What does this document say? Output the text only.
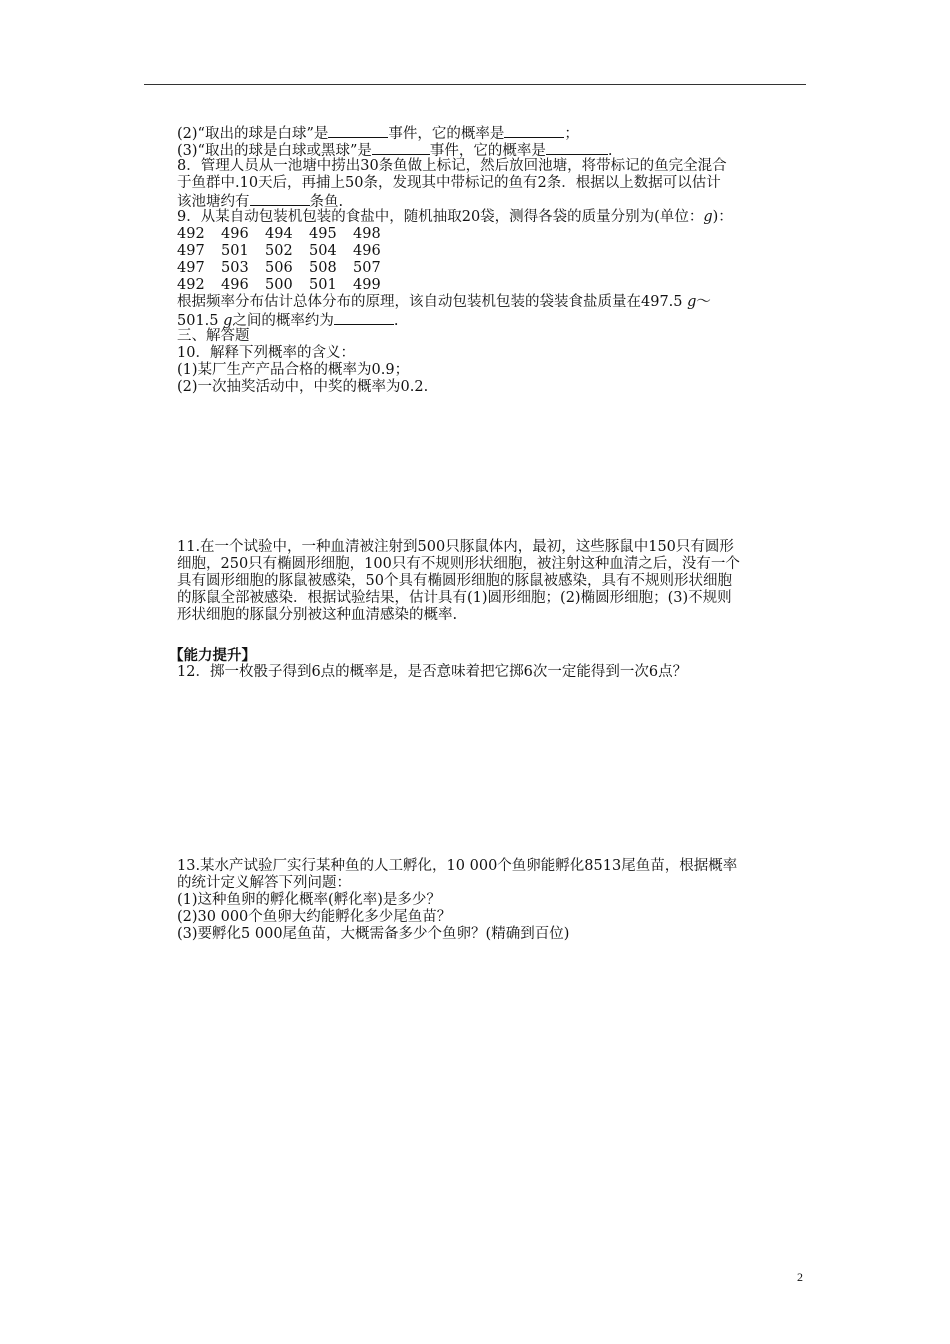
(2)“取出的球是白球”是	事件，它的概率是	；
(3)“取出的球是白球或黑球”是	事件，它的概率是	.
8．管理人员从一池塘中捞出30条鱼做上标记，然后放回池塘，将带标记的鱼完全混合
于鱼群中.10天后，再捕上50条，发现其中带标记的鱼有2条．根据以上数据可以估计
该池塘约有	条鱼.
9．从某自动包装机包装的食盐中，随机抽取20袋，测得各袋的质量分别为(单位：g)：
492	496	494	495	498
497	501	502	504	496
497	503	506	508	507
492	496	500	501	499
根据频率分布估计总体分布的原理，该自动包装机包装的袋装食盐质量在497.5 g～
501.5 g之间的概率约为	.
三、解答题
10．解释下列概率的含义：
(1)某厂生产产品合格的概率为0.9；
(2)一次抽奖活动中，中奖的概率为0.2.
11.在一个试验中，一种血清被注射到500只豚鼠体内，最初，这些豚鼠中150只有圆形
细胞，250只有椭圆形细胞，100只有不规则形状细胞，被注射这种血清之后，没有一个
具有圆形细胞的豚鼠被感染，50个具有椭圆形细胞的豚鼠被感染，具有不规则形状细胞
的豚鼠全部被感染．根据试验结果，估计具有(1)圆形细胞；(2)椭圆形细胞；(3)不规则
形状细胞的豚鼠分别被这种血清感染的概率.
【能力提升】
12．掷一枚骰子得到6点的概率是，是否意味着把它掷6次一定能得到一次6点？
13.某水产试验厂实行某种鱼的人工孵化，10 000个鱼卵能孵化8513尾鱼苗，根据概率
的统计定义解答下列问题：
(1)这种鱼卵的孵化概率(孵化率)是多少？
(2)30 000个鱼卵大约能孵化多少尾鱼苗？
(3)要孵化5 000尾鱼苗，大概需备多少个鱼卵？(精确到百位)
2
